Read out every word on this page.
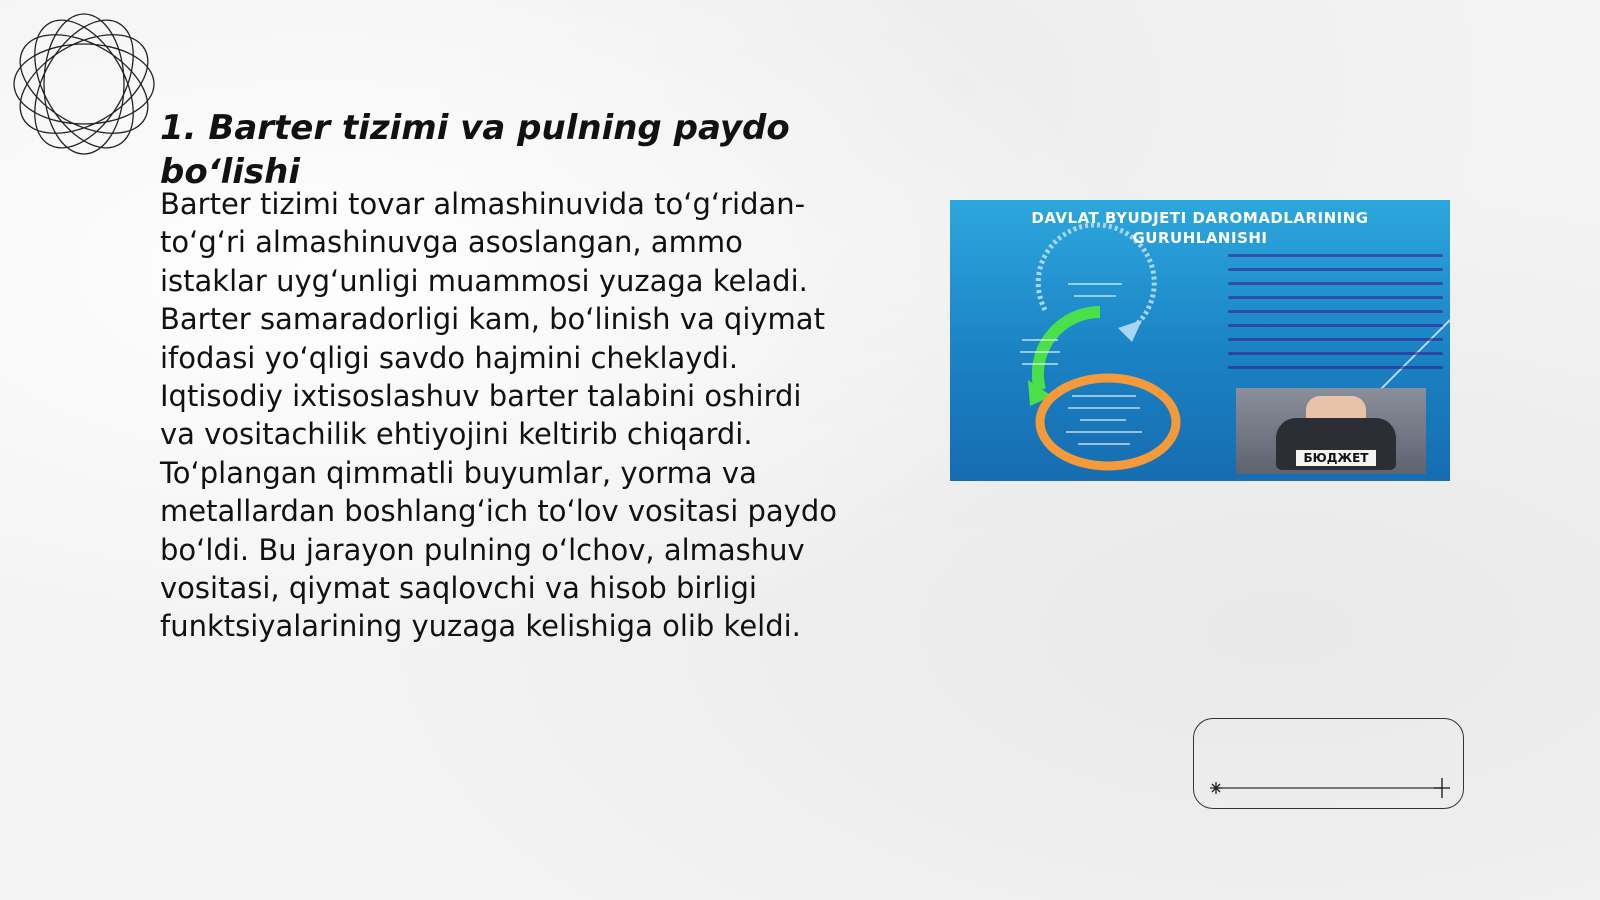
1. Barter tizimi va pulning paydo bo‘lishi

Barter tizimi tovar almashinuvida to‘g‘ridan-to‘g‘ri almashinuvga asoslangan, ammo istaklar uyg‘unligi muammosi yuzaga keladi. Barter samaradorligi kam, bo‘linish va qiymat ifodasi yo‘qligi savdo hajmini cheklaydi. Iqtisodiy ixtisoslashuv barter talabini oshirdi va vositachilik ehtiyojini keltirib chiqardi. To‘plangan qimmatli buyumlar, yorma va metallardan boshlang‘ich to‘lov vositasi paydo bo‘ldi. Bu jarayon pulning o‘lchov, almashuv vositasi, qiymat saqlovchi va hisob birligi funktsiyalarining yuzaga kelishiga olib keldi.

DAVLAT BYUDJETI DAROMADLARINING
GURUHLANISHI
БЮДЖЕТ
